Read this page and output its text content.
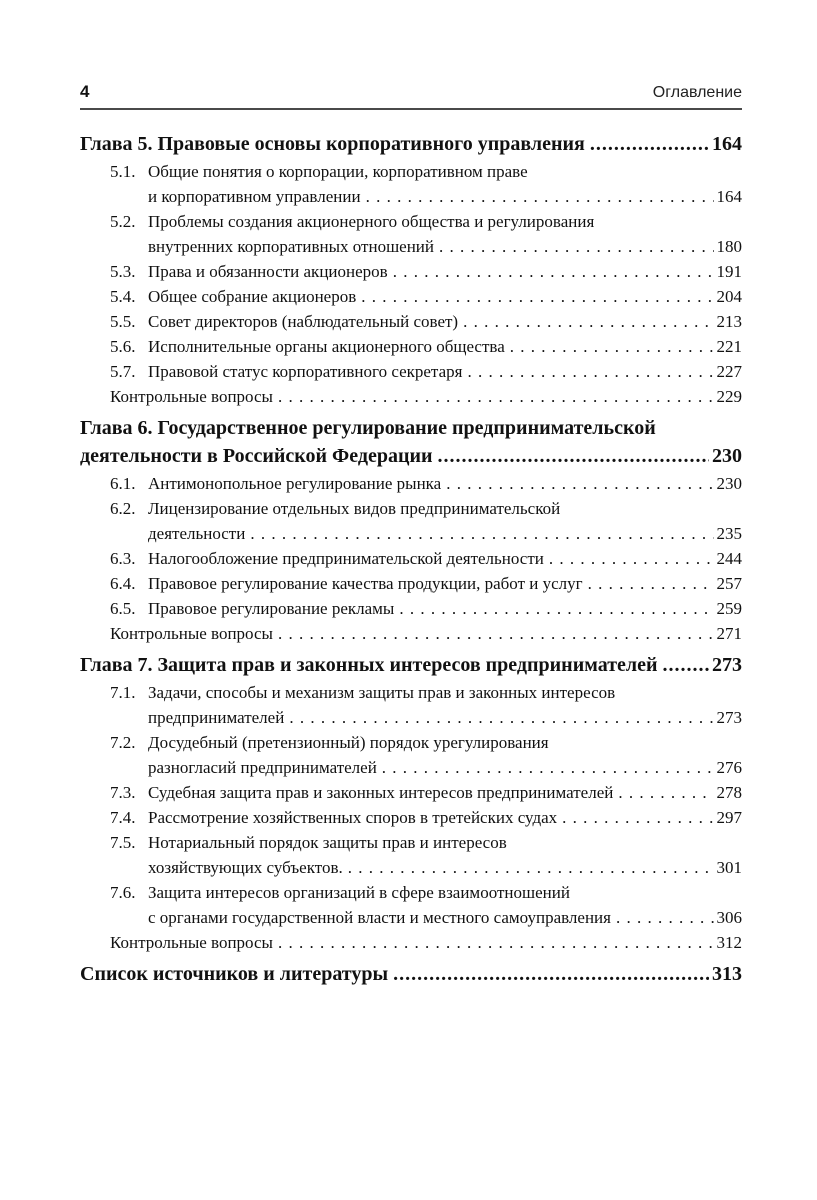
4	Оглавление
Глава 5. Правовые основы корпоративного управления .....	164
5.1. Общие понятия о корпорации, корпоративном праве
и корпоративном управлении . . .	164
5.2. Проблемы создания акционерного общества и регулирования
внутренних корпоративных отношений . . .	180
5.3. Права и обязанности акционеров . . .	191
5.4. Общее собрание акционеров . . .	204
5.5. Совет директоров (наблюдательный совет) . . .	213
5.6. Исполнительные органы акционерного общества . . .	221
5.7. Правовой статус корпоративного секретаря . . .	227
Контрольные вопросы . . .	229
Глава 6. Государственное регулирование предпринимательской
деятельности в Российской Федерации .....	230
6.1. Антимонопольное регулирование рынка . . .	230
6.2. Лицензирование отдельных видов предпринимательской
деятельности . . .	235
6.3. Налогообложение предпринимательской деятельности . . .	244
6.4. Правовое регулирование качества продукции, работ и услуг . . .	257
6.5. Правовое регулирование рекламы . . .	259
Контрольные вопросы . . .	271
Глава 7. Защита прав и законных интересов предпринимателей .....	273
7.1. Задачи, способы и механизм защиты прав и законных интересов
предпринимателей . . .	273
7.2. Досудебный (претензионный) порядок урегулирования
разногласий предпринимателей . . .	276
7.3. Судебная защита прав и законных интересов предпринимателей . . .	278
7.4. Рассмотрение хозяйственных споров в третейских судах . . .	297
7.5. Нотариальный порядок защиты прав и интересов
хозяйствующих субъектов. . . .	301
7.6. Защита интересов организаций в сфере взаимоотношений
с органами государственной власти и местного самоуправления . . .	306
Контрольные вопросы . . .	312
Список источников и литературы .....	313
